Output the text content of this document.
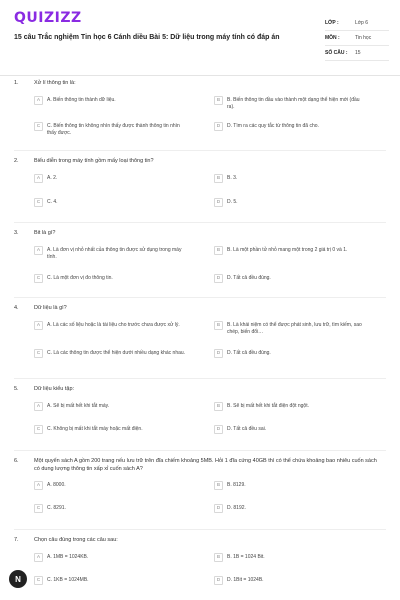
QUIZIZZ
15 câu Trắc nghiệm Tin học 6 Cánh diều Bài 5: Dữ liệu trong máy tính có đáp án
LỚP :	Lớp 6
MÔN :	Tin học
SỐ CÂU :	15
1.	Xử lí thông tin là:
A	A. Biến thông tin thành dữ liệu.	B	B. Biến thông tin đầu vào thành một dạng thể hiện mới (đầu ra).
C	C. Biến thông tin không nhìn thấy được thành thông tin nhìn thấy được.
D	D. Tìm ra các quy tắc từ thông tin đã cho.
2.	Biểu diễn trong máy tính gồm mấy loại thông tin?
A	A. 2.	B	B. 3.
C	C. 4.	D	D. 5.
3.	Bit là gì?
A	A. Là đơn vị nhỏ nhất của thông tin được sử dụng trong máy tính.
B	B. Là một phần tử nhỏ mang một trong 2 giá trị 0 và 1.
C	C. Là một đơn vị đo thông tin.	D	D. Tất cả đều đúng.
4.	Dữ liệu là gì?
A	A. Là các số liệu hoặc là tài liệu cho trước chưa được xử lý.	B	B. Là khái niệm có thể được phát sinh, lưu trữ, tìm kiếm, sao chép, biến đổi…
C	C. Là các thông tin được thể hiện dưới nhiều dạng khác nhau.	D	D. Tất cả đều đúng.
5.	Dữ liệu kiểu tập:
A	A. Sẽ bị mất hết khi tắt máy.	B	B. Sẽ bị mất hết khi tắt điện đột ngột.
C	C. Không bị mất khi tắt máy hoặc mất điện.	D	D. Tất cả đều sai.
6.	Một quyển sách A gồm 200 trang nếu lưu trữ trên đĩa chiếm khoảng 5MB. Hỏi 1 đĩa cứng 40GB thì có thể chứa khoảng bao nhiêu cuốn sách có dung lượng thông tin xấp xỉ cuốn sách A?
A	A. 8000.	B	B. 8129.
C	C. 8291.	D	D. 8192.
7.	Chọn câu đúng trong các câu sau:
A	A. 1MB = 1024KB.	B	B. 1B = 1024 Bit.
C	C. 1KB = 1024MB.	D	D. 1Bit = 1024B.
N
